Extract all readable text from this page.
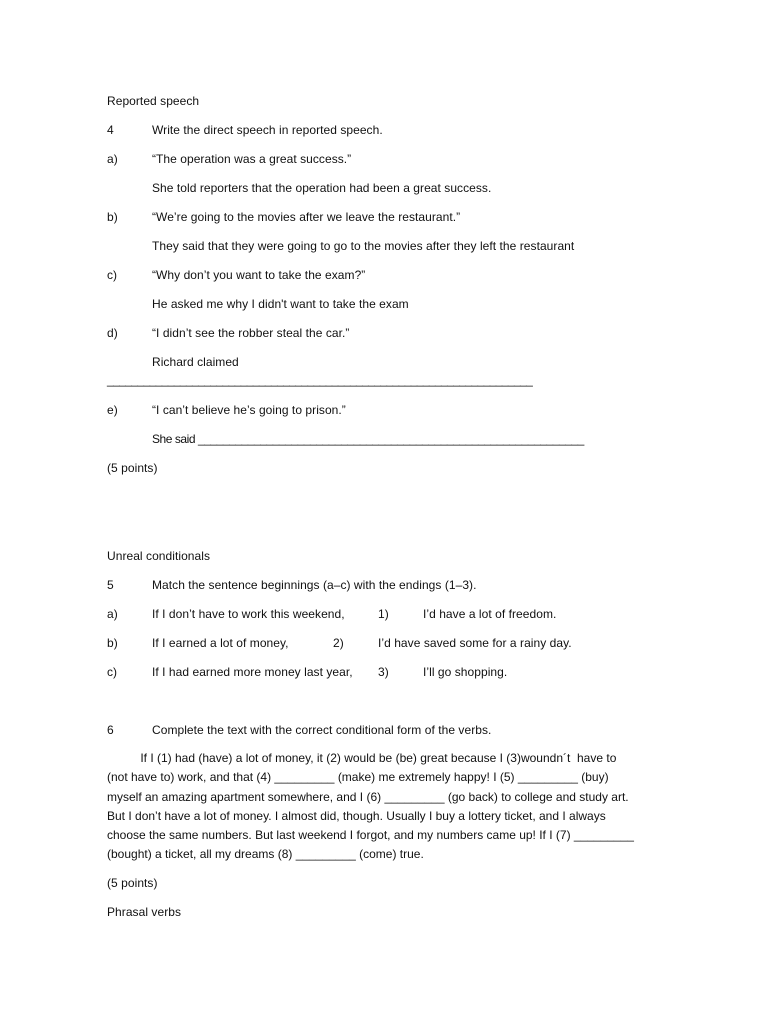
Reported speech
4	Write the direct speech in reported speech.
a)	“The operation was a great success.”
She told reporters that the operation had been a great success.
b)	“We’re going to the movies after we leave the restaurant.”
They said that they were going to go to the movies after they left the restaurant
c)	“Why don’t you want to take the exam?”
He asked me why I didn't want to take the exam
d)	“I didn’t see the robber steal the car.”
Richard claimed
______________________________________________________________________
e)	“I can’t believe he’s going to prison.”
She said ______________________________________________________________
(5 points)
Unreal conditionals
5	Match the sentence beginnings (a–c) with the endings (1–3).
a)	If I don’t have to work this weekend,	1)	I’d have a lot of freedom.
b)	If I earned a lot of money,	2)	I’d have saved some for a rainy day.
c)	If I had earned more money last year, 3)	I’ll go shopping.
6	Complete the text with the correct conditional form of the verbs.
If I (1) had (have) a lot of money, it (2) would be (be) great because I (3)woundn´t  have to
(not have to) work, and that (4) _________ (make) me extremely happy! I (5) _________ (buy)
myself an amazing apartment somewhere, and I (6) _________ (go back) to college and study art.
But I don’t have a lot of money. I almost did, though. Usually I buy a lottery ticket, and I always
choose the same numbers. But last weekend I forgot, and my numbers came up! If I (7) _________
(bought) a ticket, all my dreams (8) _________ (come) true.
(5 points)
Phrasal verbs
